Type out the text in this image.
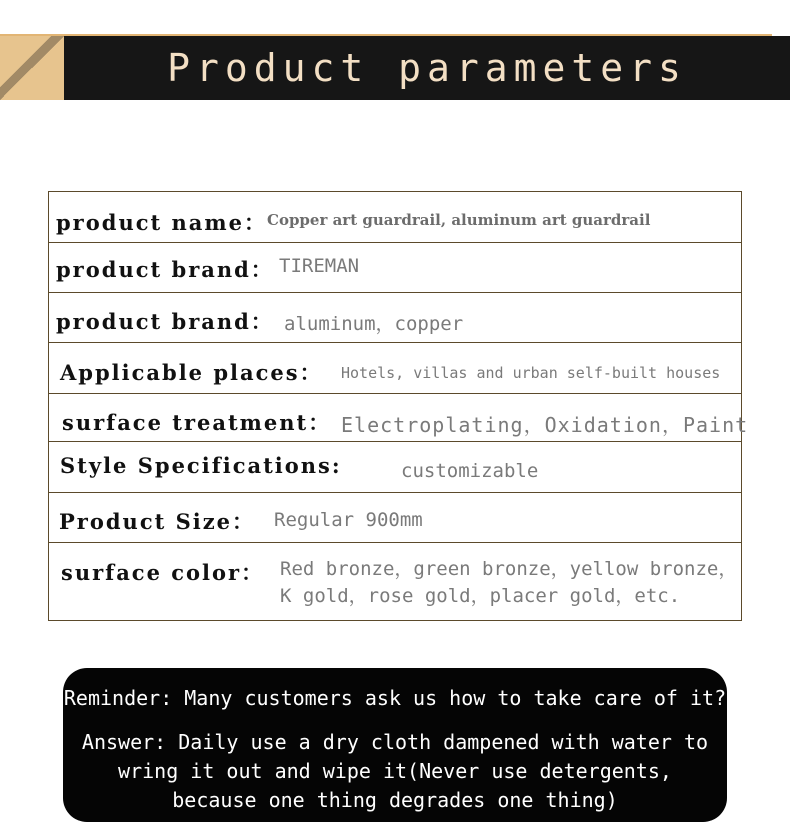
Product parameters
product name： Copper art guardrail, aluminum art guardrail
product brand： TIREMAN
product brand： aluminum，copper
Applicable places： Hotels, villas and urban self-built houses
surface treatment： Electroplating，Oxidation，Paint
Style Specifications:	customizable
Product Size： Regular 900mm
surface color： Red bronze，green bronze，yellow bronze，
K gold，rose gold，placer gold，etc.
Reminder: Many customers ask us how to take care of it?
Answer: Daily use a dry cloth dampened with water to
wring it out and wipe it(Never use detergents,
because one thing degrades one thing)
